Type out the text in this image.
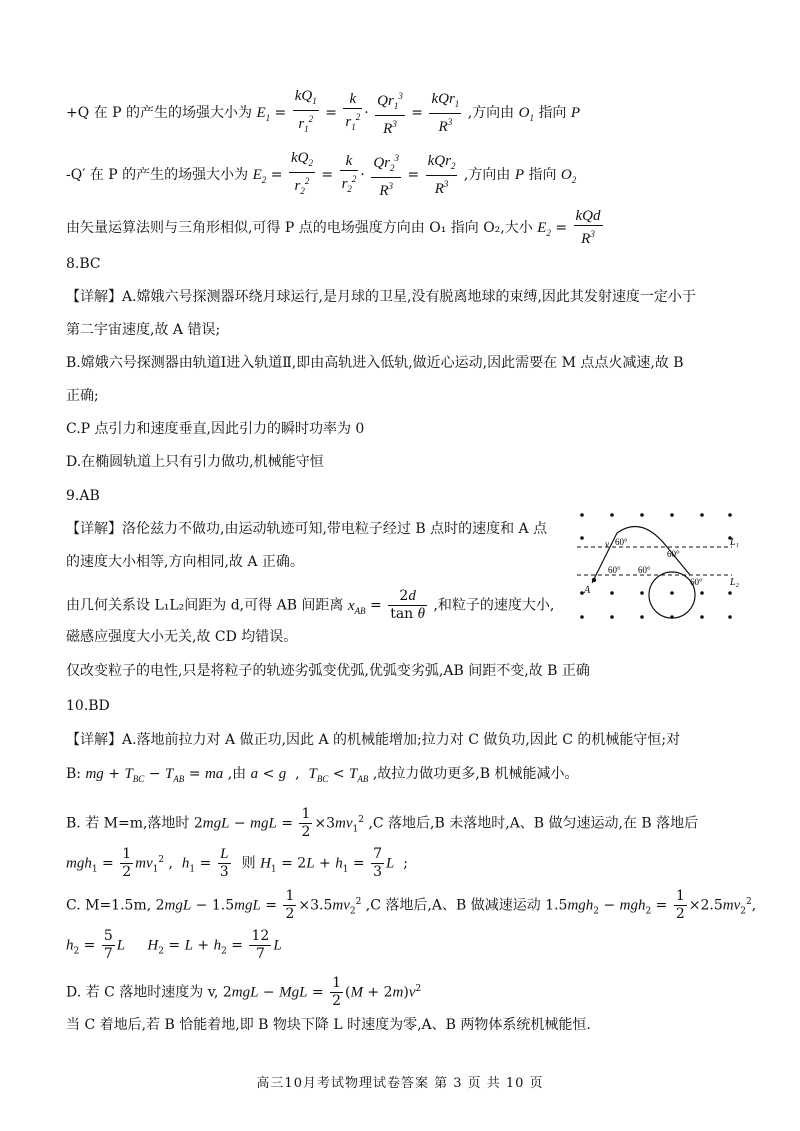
+Q 在 P 的产生的场强大小为 $E_1 = \frac{kQ_1}{r_1^2} = \frac{k}{r_1^2} \cdot \frac{Qr_1^3}{R^3} = \frac{kQr_1}{R^3}$ ,方向由 $O_1$ 指向 P
-Q′ 在 P 的产生的场强大小为 $E_2 = \frac{kQ_2}{r_2^2} = \frac{k}{r_2^2} \cdot \frac{Qr_2^3}{R^3} = \frac{kQr_2}{R^3}$ ,方向由 P 指向 $O_2$
由矢量运算法则与三角形相似,可得 P 点的电场强度方向由 O₁ 指向 O₂,大小 $E_2 = \frac{\text{kQd}}{R^3}$
8.BC
【详解】A.嫦娥六号探测器环绕月球运行,是月球的卫星,没有脱离地球的束缚,因此其发射速度一定小于
第二宇宙速度,故 A 错误;
B.嫦娥六号探测器由轨道Ⅰ进入轨道Ⅱ,即由高轨进入低轨,做近心运动,因此需要在 M 点点火减速,故 B
正确;
C.P 点引力和速度垂直,因此引力的瞬时功率为 0
D.在椭圆轨道上只有引力做功,机械能守恒
9.AB
【详解】洛伦兹力不做功,由运动轨迹可知,带电粒子经过 B 点时的速度和 A 点
的速度大小相等,方向相同,故 A 正确。
由几何关系设 L₁L₂间距为 d,可得 AB 间距离 $x_{AB} = \frac{2d}{\text{tan θ}}$ ,和粒子的速度大小,
磁感应强度大小无关,故 CD 均错误。
仅改变粒子的电性,只是将粒子的轨迹劣弧变优弧,优弧变劣弧,AB 间距不变,故 B 正确
L₁
L₂
A
v 60°
60°
60° 60°
60°
10.BD
【详解】A.落地前拉力对 A 做正功,因此 A 的机械能增加;拉力对 C 做负功,因此 C 的机械能守恒;对
B: mg + $T_{BC} - T_{AB}$ = ma ,由 a < g  ,  $T_{BC} < T_{AB}$ ,故拉力做功更多,B 机械能减小。
B. 若 M=m,落地时 2mgL − mgL = $\frac{1}{2} \times 3mv_1^2$ ,C 落地后,B 未落地时,A、B 做匀速运动,在 B 落地后
$mgh_1 = \frac{1}{2} mv_1^2$ ,  $h_1 = \frac{L}{3}$ 则 $H_1 = 2L + h_1 = \frac{7}{3}$ L  ;
C. M=1.5m, $2mgL - 1.5mgL = \frac{1}{2} \times 3.5mv_2^2$ ,C 落地后,A、B 做减速运动 $1.5mgh_2 - mgh_2 = \frac{1}{2} \times 2.5mv_2^2$,
$h_2 = \frac{5}{7}$ L $H_2 = L + h_2 = \frac{12}{7}$ L
D. 若 C 落地时速度为 v, 2mgL − MgL = $\frac{1}{2} (M + 2m)v^2$
当 C 着地后,若 B 恰能着地,即 B 物块下降 L 时速度为零,A、B 两物体系统机械能恒.
高三10月考试物理试卷答案 第 3 页 共 10 页
